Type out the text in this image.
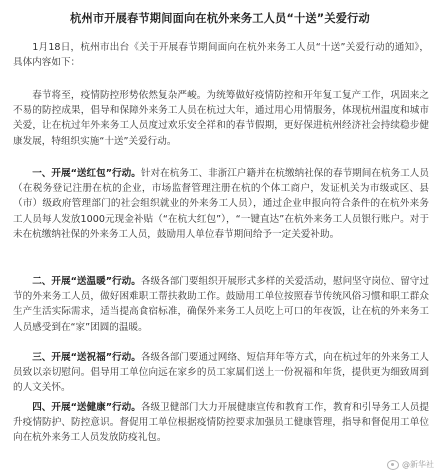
杭州市开展春节期间面向在杭外来务工人员“十送”关爱行动

1月18日，杭州市出台《关于开展春节期间面向在杭外来务工人员“十送”关爱行动的通知》，具体内容如下：

春节将至，疫情防控形势依然复杂严峻。为统筹做好疫情防控和开年复工复产工作，巩固来之不易的防控成果，倡导和保障外来务工人员在杭过大年，通过用心用情服务，体现杭州温度和城市关爱，让在杭过年外来务工人员度过欢乐安全祥和的春节假期，更好保进杭州经济社会持续稳步健康发展，特组织实施“十送”关爱行动。

一、开展“送红包”行动。针对在杭务工、非浙江户籍并在杭缴纳社保的春节期间在杭务工人员（在税务登记注册在杭的企业，市场监督管理注册在杭的个体工商户，发证机关为市级或区、县（市）级政府管理部门的社会组织就业的外来务工人员），通过企业申报向符合条件的在杭外来务工人员每人发放1000元现金补贴（“在杭大红包”），“一键直达”在杭外来务工人员银行账户。对于未在杭缴纳社保的外来务工人员，鼓励用人单位春节期间给予一定关爱补助。

二、开展“送温暖”行动。各级各部门要组织开展形式多样的关爱活动，慰问坚守岗位、留守过节的外来务工人员，做好困难职工帮扶救助工作。鼓励用工单位按照春节传统风俗习惯和职工群众生产生活实际需求，适当提高食宿标准，确保外来务工人员吃上可口的年夜饭，让在杭的外来务工人员感受到在“家”团圆的温暖。

三、开展“送祝福”行动。各级各部门要通过网络、短信拜年等方式，向在杭过年的外来务工人员致以亲切慰问。倡导用工单位向远在家乡的员工家属们送上一份祝福和年货，提供更为细致周到的人文关怀。

四、开展“送健康”行动。各级卫健部门大力开展健康宣传和教育工作，教育和引导务工人员提升疫情防护、防控意识。督促用工单位根据疫情防控要求加强员工健康管理，指导和督促用工单位向在杭外来务工人员发放防疫礼包。

@新华社
